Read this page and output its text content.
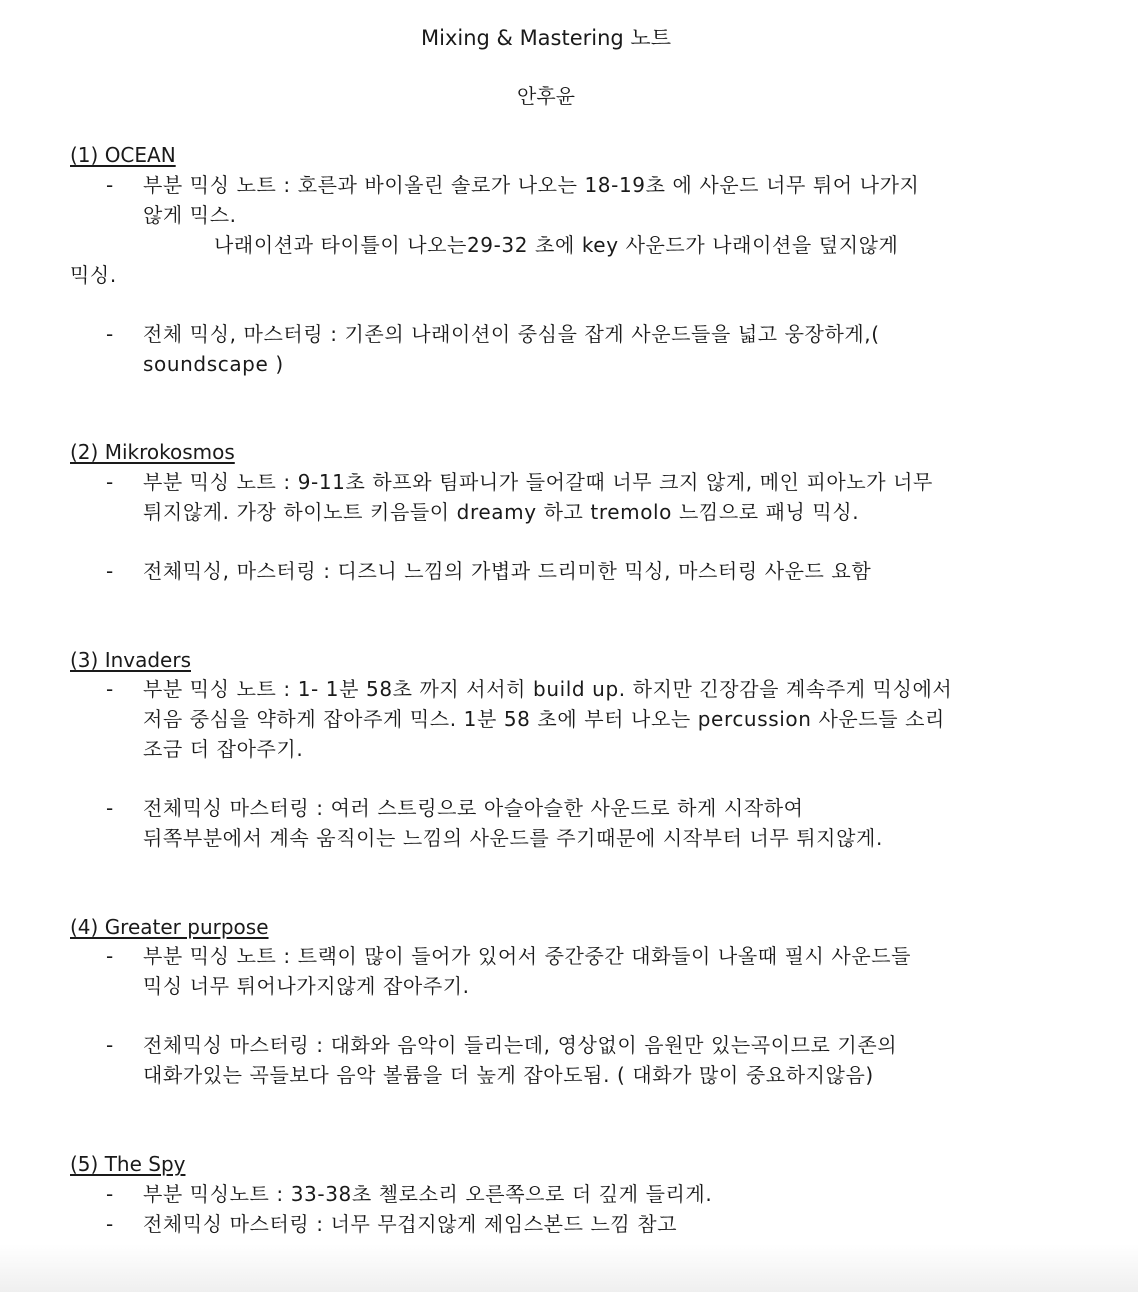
Mixing & Mastering 노트
안후윤
(1) OCEAN
- 부분 믹싱 노트 : 호른과 바이올린 솔로가 나오는 18-19초 에 사운드 너무 튀어 나가지
않게 믹스.
나래이션과 타이틀이 나오는29-32 초에 key 사운드가 나래이션을 덮지않게
믹싱.
- 전체 믹싱, 마스터링 : 기존의 나래이션이 중심을 잡게 사운드들을 넓고 웅장하게,(
soundscape )
(2) Mikrokosmos
- 부분 믹싱 노트 : 9-11초 하프와 팀파니가 들어갈때 너무 크지 않게, 메인 피아노가 너무
튀지않게. 가장 하이노트 키음들이 dreamy 하고 tremolo 느낌으로 패닝 믹싱.
- 전체믹싱, 마스터링 : 디즈니 느낌의 가볍과 드리미한 믹싱, 마스터링 사운드 요함
(3) Invaders
- 부분 믹싱 노트 : 1- 1분 58초 까지 서서히 build up. 하지만 긴장감을 계속주게 믹싱에서
저음 중심을 약하게 잡아주게 믹스. 1분 58 초에 부터 나오는 percussion 사운드들 소리
조금 더 잡아주기.
- 전체믹싱 마스터링 : 여러 스트링으로 아슬아슬한 사운드로 하게 시작하여
뒤쪽부분에서 계속 움직이는 느낌의 사운드를 주기때문에 시작부터 너무 튀지않게.
(4) Greater purpose
- 부분 믹싱 노트 : 트랙이 많이 들어가 있어서 중간중간 대화들이 나올때 필시 사운드들
믹싱 너무 튀어나가지않게 잡아주기.
- 전체믹싱 마스터링 : 대화와 음악이 들리는데, 영상없이 음원만 있는곡이므로 기존의
대화가있는 곡들보다 음악 볼륨을 더 높게 잡아도됨. ( 대화가 많이 중요하지않음)
(5) The Spy
- 부분 믹싱노트 : 33-38초 첼로소리 오른쪽으로 더 깊게 들리게.
- 전체믹싱 마스터링 : 너무 무겁지않게 제임스본드 느낌 참고
